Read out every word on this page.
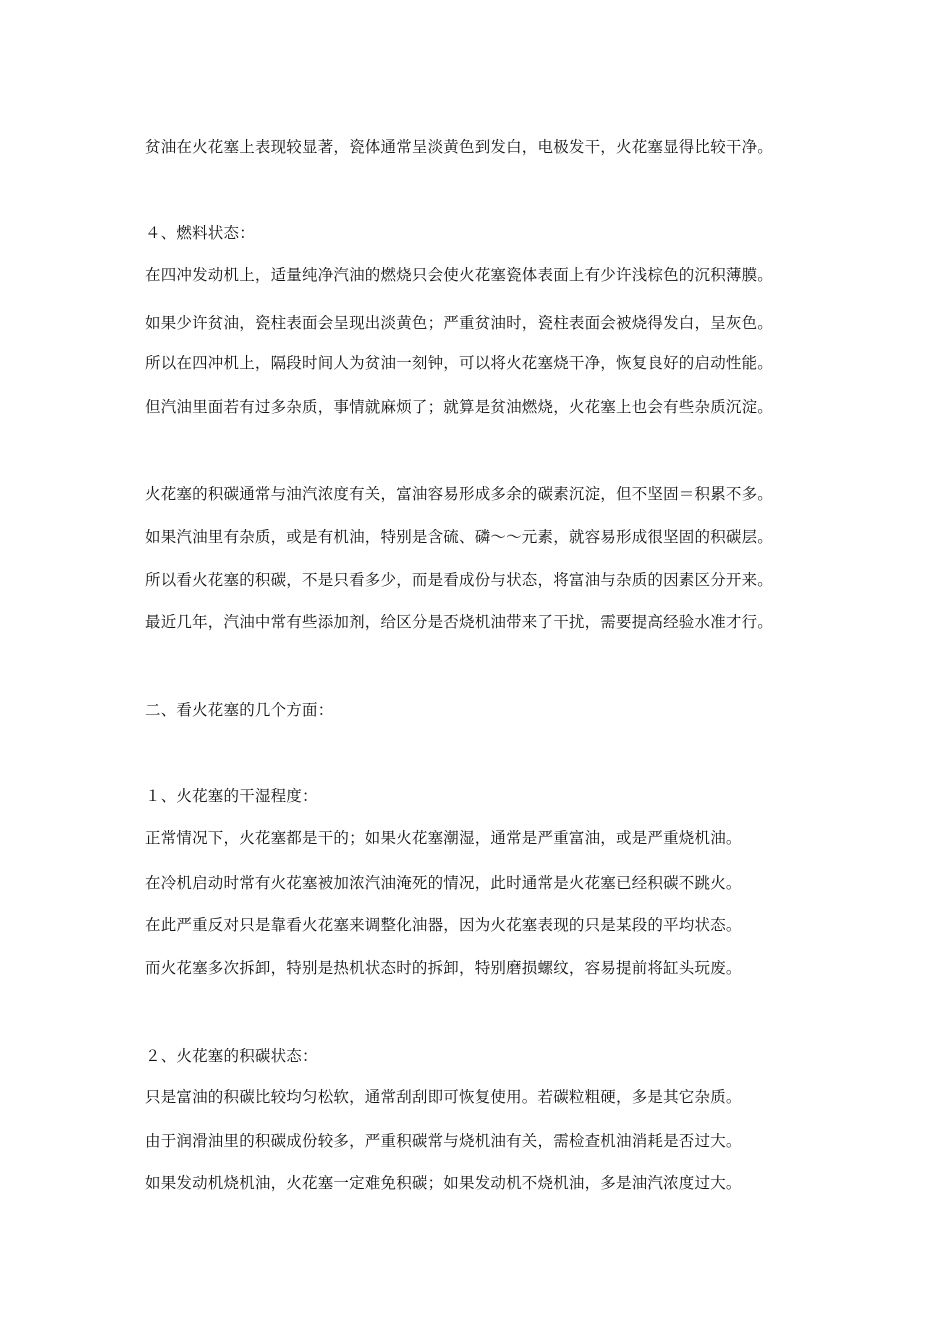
贫油在火花塞上表现较显著，瓷体通常呈淡黄色到发白，电极发干，火花塞显得比较干净。
４、燃料状态：
在四冲发动机上，适量纯净汽油的燃烧只会使火花塞瓷体表面上有少许浅棕色的沉积薄膜。
如果少许贫油，瓷柱表面会呈现出淡黄色；严重贫油时，瓷柱表面会被烧得发白，呈灰色。
所以在四冲机上，隔段时间人为贫油一刻钟，可以将火花塞烧干净，恢复良好的启动性能。
但汽油里面若有过多杂质，事情就麻烦了；就算是贫油燃烧，火花塞上也会有些杂质沉淀。
火花塞的积碳通常与油汽浓度有关，富油容易形成多余的碳素沉淀，但不坚固＝积累不多。
如果汽油里有杂质，或是有机油，特别是含硫、磷～～元素，就容易形成很坚固的积碳层。
所以看火花塞的积碳，不是只看多少，而是看成份与状态，将富油与杂质的因素区分开来。
最近几年，汽油中常有些添加剂，给区分是否烧机油带来了干扰，需要提高经验水准才行。
二、看火花塞的几个方面：
１、火花塞的干湿程度：
正常情况下，火花塞都是干的；如果火花塞潮湿，通常是严重富油，或是严重烧机油。
在冷机启动时常有火花塞被加浓汽油淹死的情况，此时通常是火花塞已经积碳不跳火。
在此严重反对只是靠看火花塞来调整化油器，因为火花塞表现的只是某段的平均状态。
而火花塞多次拆卸，特别是热机状态时的拆卸，特别磨损螺纹，容易提前将缸头玩废。
２、火花塞的积碳状态：
只是富油的积碳比较均匀松软，通常刮刮即可恢复使用。若碳粒粗硬，多是其它杂质。
由于润滑油里的积碳成份较多，严重积碳常与烧机油有关，需检查机油消耗是否过大。
如果发动机烧机油，火花塞一定难免积碳；如果发动机不烧机油，多是油汽浓度过大。
